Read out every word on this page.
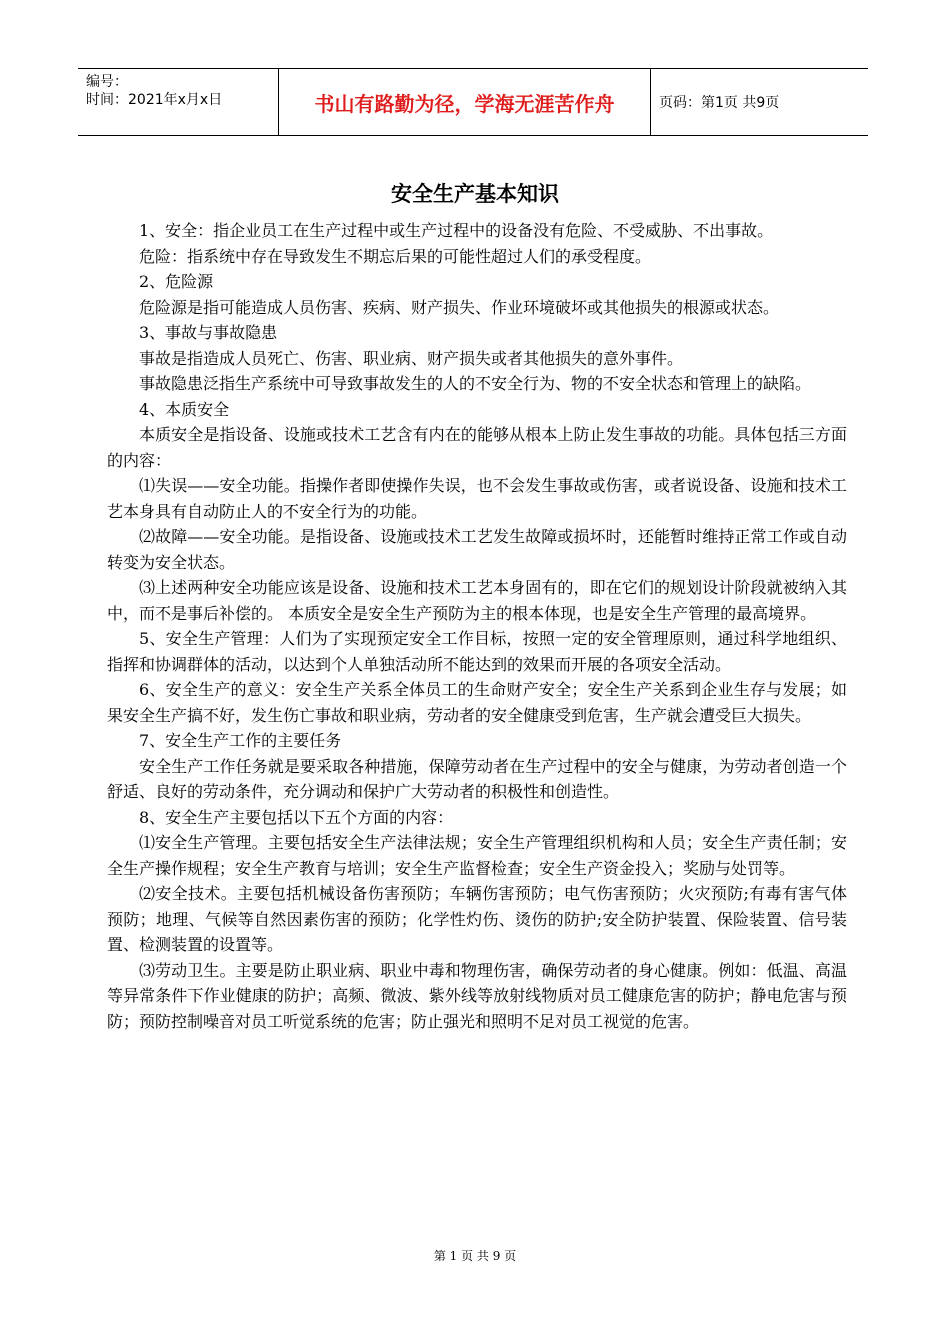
编号：
时间：2021年x月x日	书山有路勤为径，学海无涯苦作舟	页码：第1页 共9页
安全生产基本知识

1、安全：指企业员工在生产过程中或生产过程中的设备没有危险、不受威胁、不出事故。

危险：指系统中存在导致发生不期忘后果的可能性超过人们的承受程度。

2、危险源

危险源是指可能造成人员伤害、疾病、财产损失、作业环境破坏或其他损失的根源或状态。

3、事故与事故隐患

事故是指造成人员死亡、伤害、职业病、财产损失或者其他损失的意外事件。

事故隐患泛指生产系统中可导致事故发生的人的不安全行为、物的不安全状态和管理上的缺陷。

4、本质安全

本质安全是指设备、设施或技术工艺含有内在的能够从根本上防止发生事故的功能。具体包括三方面的内容：

⑴失误——安全功能。指操作者即使操作失误，也不会发生事故或伤害，或者说设备、设施和技术工艺本身具有自动防止人的不安全行为的功能。

⑵故障——安全功能。是指设备、设施或技术工艺发生故障或损坏时，还能暂时维持正常工作或自动转变为安全状态。

⑶上述两种安全功能应该是设备、设施和技术工艺本身固有的，即在它们的规划设计阶段就被纳入其中，而不是事后补偿的。 本质安全是安全生产预防为主的根本体现，也是安全生产管理的最高境界。

5、安全生产管理：人们为了实现预定安全工作目标，按照一定的安全管理原则，通过科学地组织、指挥和协调群体的活动，以达到个人单独活动所不能达到的效果而开展的各项安全活动。

6、安全生产的意义：安全生产关系全体员工的生命财产安全；安全生产关系到企业生存与发展；如果安全生产搞不好，发生伤亡事故和职业病，劳动者的安全健康受到危害，生产就会遭受巨大损失。

7、安全生产工作的主要任务

安全生产工作任务就是要采取各种措施，保障劳动者在生产过程中的安全与健康，为劳动者创造一个舒适、良好的劳动条件，充分调动和保护广大劳动者的积极性和创造性。

8、安全生产主要包括以下五个方面的内容：

⑴安全生产管理。主要包括安全生产法律法规；安全生产管理组织机构和人员；安全生产责任制；安全生产操作规程；安全生产教育与培训；安全生产监督检查；安全生产资金投入；奖励与处罚等。

⑵安全技术。主要包括机械设备伤害预防；车辆伤害预防；电气伤害预防；火灾预防;有毒有害气体预防；地理、气候等自然因素伤害的预防；化学性灼伤、烫伤的防护;安全防护装置、保险装置、信号装置、检测装置的设置等。

⑶劳动卫生。主要是防止职业病、职业中毒和物理伤害，确保劳动者的身心健康。例如：低温、高温等异常条件下作业健康的防护；高频、微波、紫外线等放射线物质对员工健康危害的防护；静电危害与预防；预防控制噪音对员工听觉系统的危害；防止强光和照明不足对员工视觉的危害。

第 1 页 共 9 页
